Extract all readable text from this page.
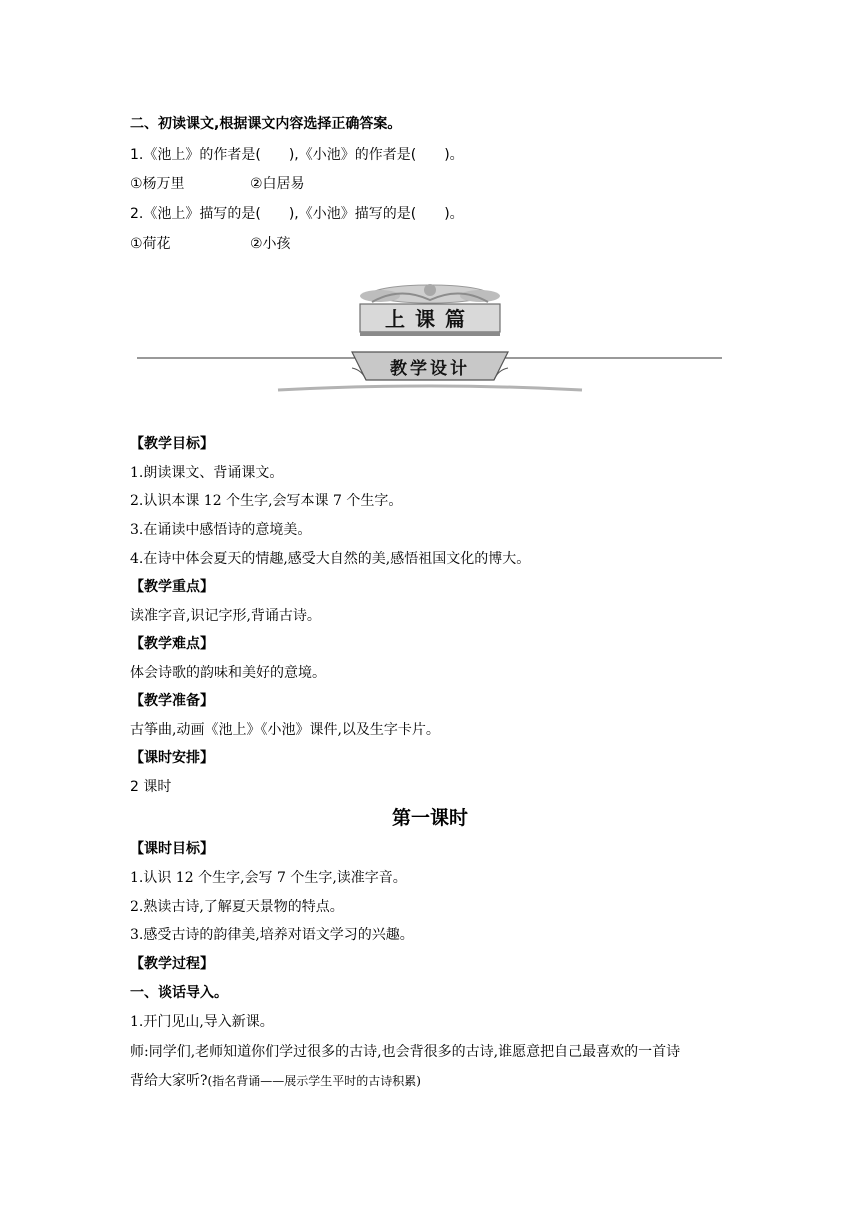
二、初读课文,根据课文内容选择正确答案。
1.《池上》的作者是(　　),《小池》的作者是(　　)。
①杨万里	②白居易
2.《池上》描写的是(　　),《小池》描写的是(　　)。
①荷花	②小孩
上课篇
教学设计
【教学目标】
1.朗读课文、背诵课文。
2.认识本课 12 个生字,会写本课 7 个生字。
3.在诵读中感悟诗的意境美。
4.在诗中体会夏天的情趣,感受大自然的美,感悟祖国文化的博大。
【教学重点】
读准字音,识记字形,背诵古诗。
【教学难点】
体会诗歌的韵味和美好的意境。
【教学准备】
古筝曲,动画《池上》《小池》课件,以及生字卡片。
【课时安排】
2 课时
第一课时
【课时目标】
1.认识 12 个生字,会写 7 个生字,读准字音。
2.熟读古诗,了解夏天景物的特点。
3.感受古诗的韵律美,培养对语文学习的兴趣。
【教学过程】
一、谈话导入。
1.开门见山,导入新课。
师:同学们,老师知道你们学过很多的古诗,也会背很多的古诗,谁愿意把自己最喜欢的一首诗
背给大家听?(指名背诵——展示学生平时的古诗积累)
